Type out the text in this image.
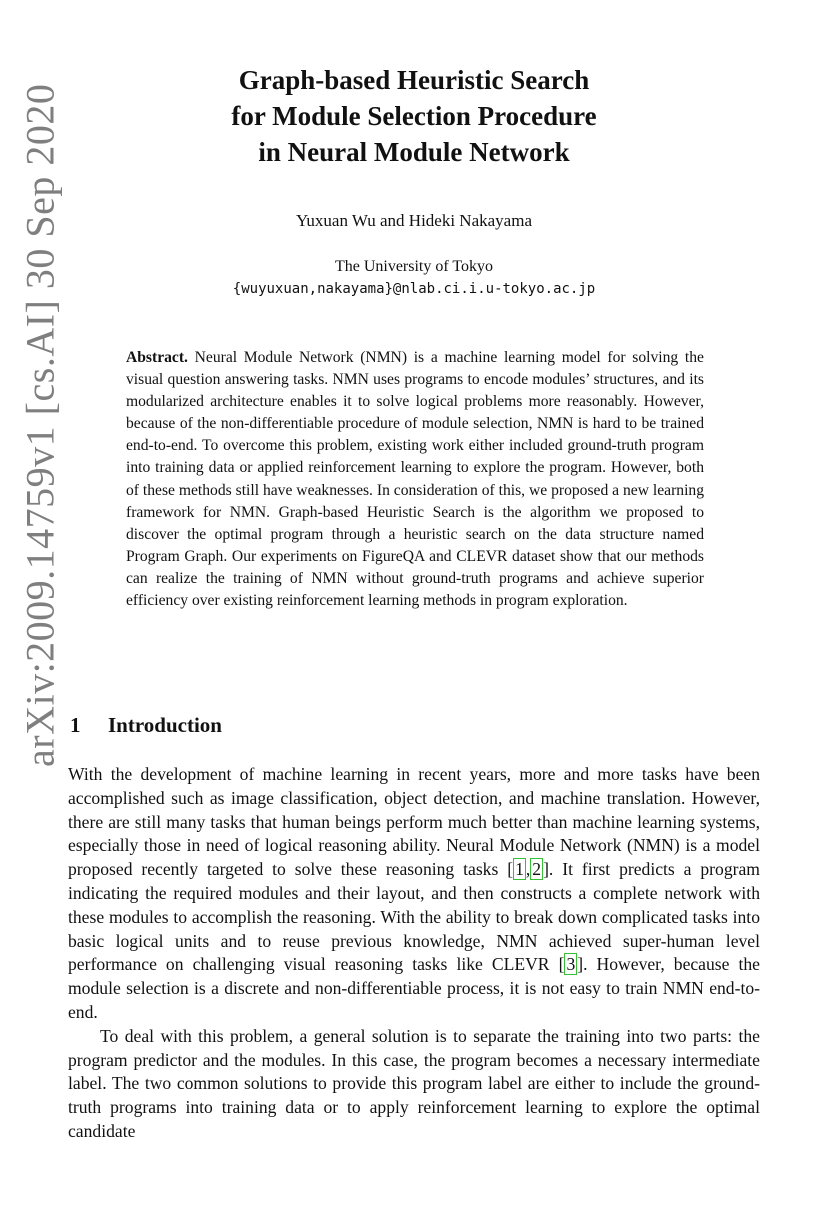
arXiv:2009.14759v1 [cs.AI] 30 Sep 2020
Graph-based Heuristic Search
for Module Selection Procedure
in Neural Module Network
Yuxuan Wu and Hideki Nakayama
The University of Tokyo
{wuyuxuan,nakayama}@nlab.ci.i.u-tokyo.ac.jp
Abstract. Neural Module Network (NMN) is a machine learning model for solving the visual question answering tasks. NMN uses programs to encode modules’ structures, and its modularized architecture enables it to solve logical problems more reasonably. However, because of the non-differentiable procedure of module selection, NMN is hard to be trained end-to-end. To overcome this problem, existing work either included ground-truth program into training data or applied reinforcement learning to explore the program. However, both of these methods still have weaknesses. In consideration of this, we proposed a new learning framework for NMN. Graph-based Heuristic Search is the algorithm we proposed to discover the optimal program through a heuristic search on the data structure named Program Graph. Our experiments on FigureQA and CLEVR dataset show that our methods can realize the training of NMN without ground-truth programs and achieve superior efficiency over existing reinforcement learning methods in program exploration.
1 Introduction

With the development of machine learning in recent years, more and more tasks have been accomplished such as image classification, object detection, and machine translation. However, there are still many tasks that human beings perform much better than machine learning systems, especially those in need of logical reasoning ability. Neural Module Network (NMN) is a model proposed recently targeted to solve these reasoning tasks [ 1 , 2 ]. It first predicts a program indicating the required modules and their layout, and then constructs a complete network with these modules to accomplish the reasoning. With the ability to break down complicated tasks into basic logical units and to reuse previous knowledge, NMN achieved super-human level performance on challenging visual reasoning tasks like CLEVR [ 3 ]. However, because the module selection is a discrete and non-differentiable process, it is not easy to train NMN end-to-end.

To deal with this problem, a general solution is to separate the training into two parts: the program predictor and the modules. In this case, the program becomes a necessary intermediate label. The two common solutions to provide this program label are either to include the ground-truth programs into training data or to apply reinforcement learning to explore the optimal candidate
